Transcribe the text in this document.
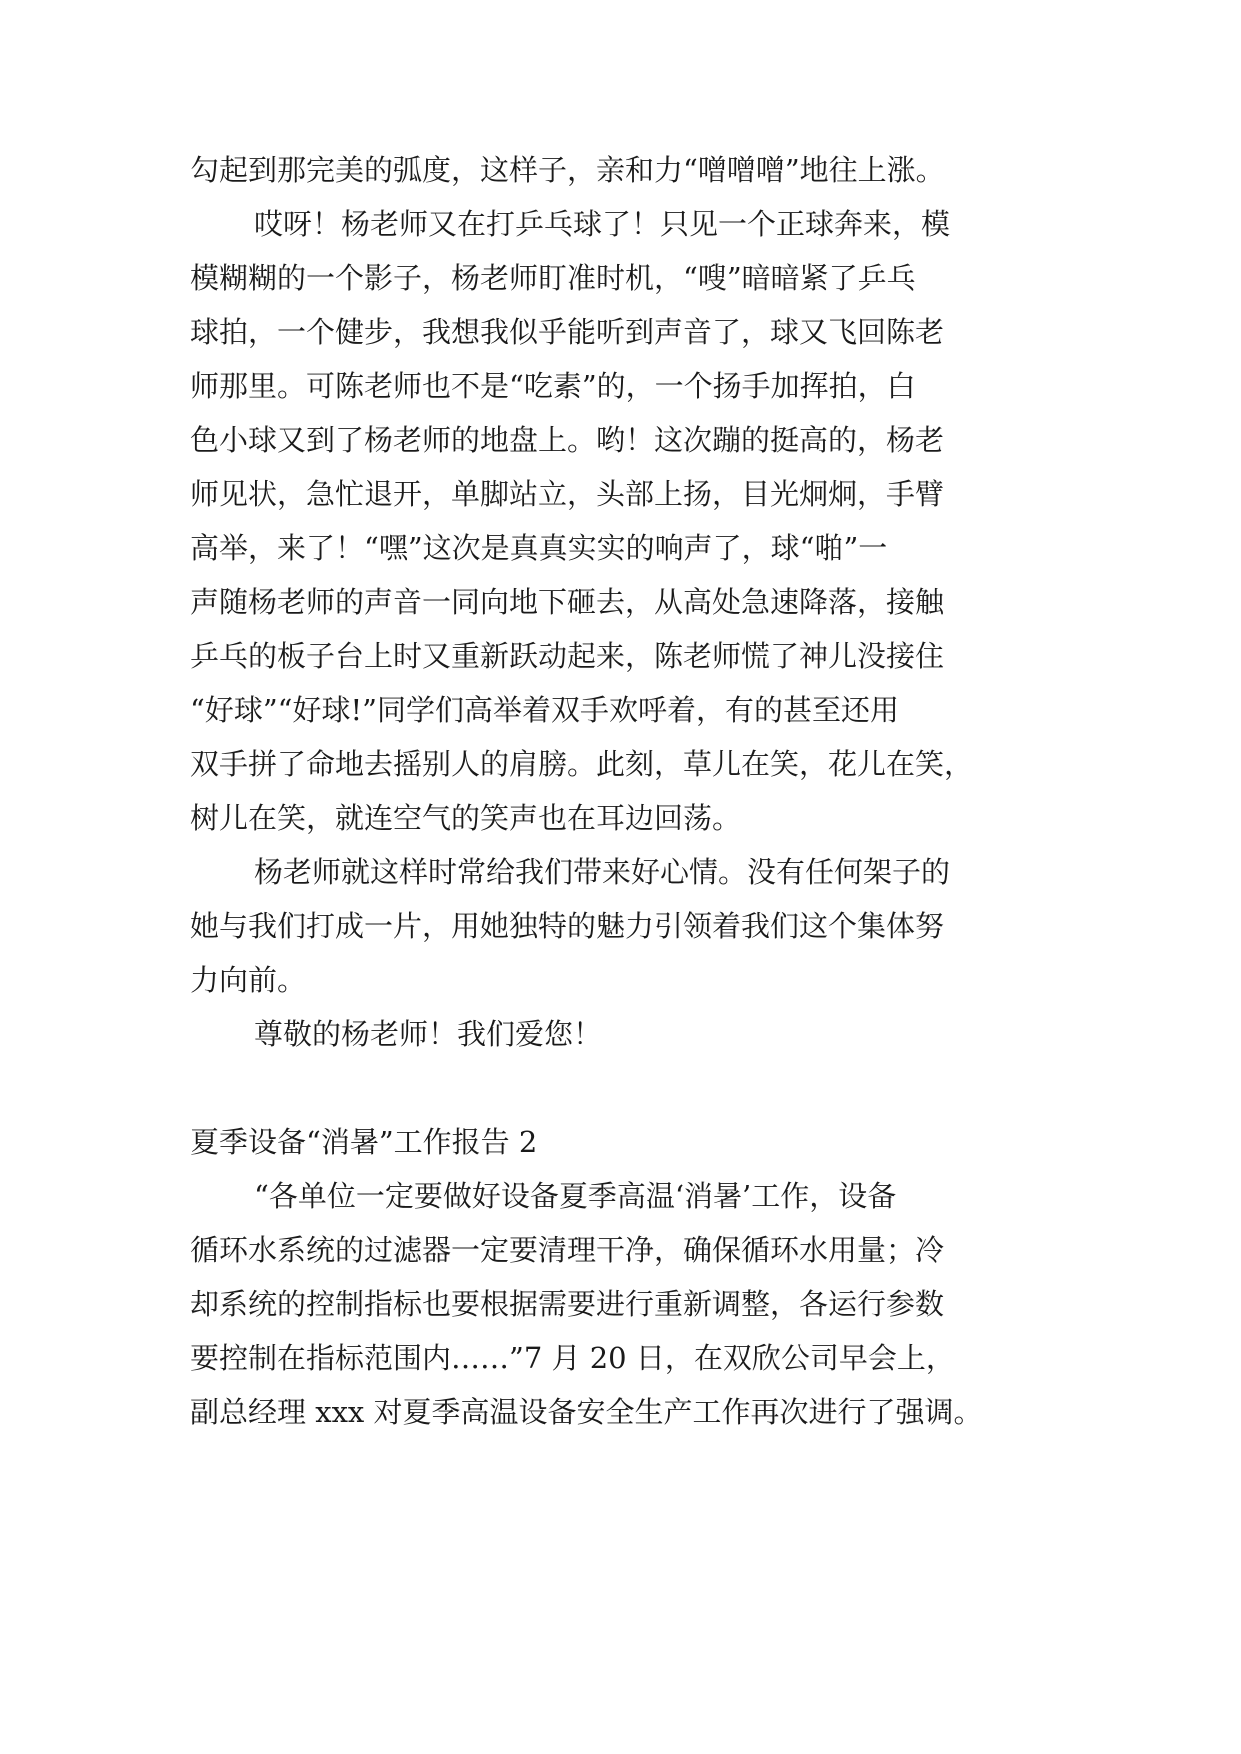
勾起到那完美的弧度，这样子，亲和力“噌噌噌”地往上涨。
哎呀！杨老师又在打乒乓球了！只见一个正球奔来，模
模糊糊的一个影子，杨老师盯准时机，“嗖”暗暗紧了乒乓
球拍，一个健步，我想我似乎能听到声音了，球又飞回陈老
师那里。可陈老师也不是“吃素”的，一个扬手加挥拍，白
色小球又到了杨老师的地盘上。哟！这次蹦的挺高的，杨老
师见状，急忙退开，单脚站立，头部上扬，目光炯炯，手臂
高举，来了！“嘿”这次是真真实实的响声了，球“啪”一
声随杨老师的声音一同向地下砸去，从高处急速降落，接触
乒乓的板子台上时又重新跃动起来，陈老师慌了神儿没接住
“好球”“好球!”同学们高举着双手欢呼着，有的甚至还用
双手拼了命地去摇别人的肩膀。此刻，草儿在笑，花儿在笑，
树儿在笑，就连空气的笑声也在耳边回荡。
杨老师就这样时常给我们带来好心情。没有任何架子的
她与我们打成一片，用她独特的魅力引领着我们这个集体努
力向前。
尊敬的杨老师！我们爱您！
夏季设备“消暑”工作报告 2
“各单位一定要做好设备夏季高温‘消暑’工作，设备
循环水系统的过滤器一定要清理干净，确保循环水用量；冷
却系统的控制指标也要根据需要进行重新调整，各运行参数
要控制在指标范围内……”7 月 20 日，在双欣公司早会上，
副总经理 xxx 对夏季高温设备安全生产工作再次进行了强调。
